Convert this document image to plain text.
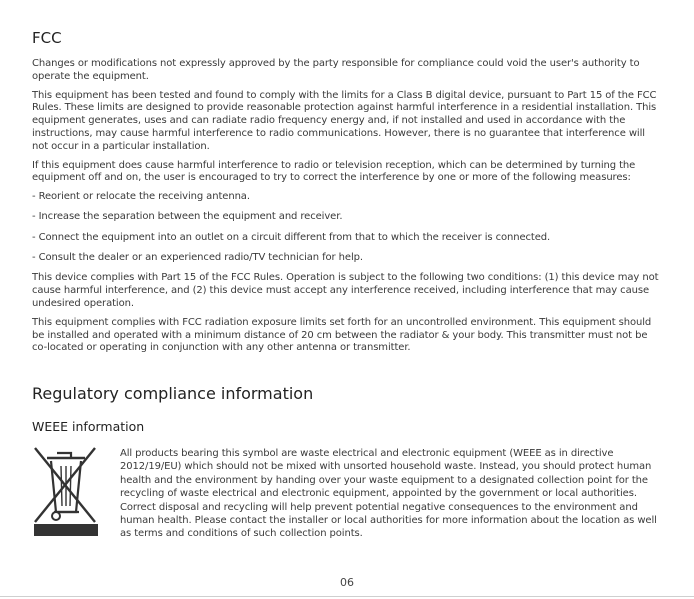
FCC

Changes or modifications not expressly approved by the party responsible for compliance could void the user's authority to operate the equipment.

This equipment has been tested and found to comply with the limits for a Class B digital device, pursuant to Part 15 of the FCC Rules. These limits are designed to provide reasonable protection against harmful interference in a residential installation. This equipment generates, uses and can radiate radio frequency energy and, if not installed and used in accordance with the instructions, may cause harmful interference to radio communications. However, there is no guarantee that interference will not occur in a particular installation.

If this equipment does cause harmful interference to radio or television reception, which can be determined by turning the equipment off and on, the user is encouraged to try to correct the interference by one or more of the following measures:

- Reorient or relocate the receiving antenna.

- Increase the separation between the equipment and receiver.

- Connect the equipment into an outlet on a circuit different from that to which the receiver is connected.

- Consult the dealer or an experienced radio/TV technician for help.

This device complies with Part 15 of the FCC Rules. Operation is subject to the following two conditions: (1) this device may not cause harmful interference, and (2) this device must accept any interference received, including interference that may cause undesired operation.

This equipment complies with FCC radiation exposure limits set forth for an uncontrolled environment. This equipment should be installed and operated with a minimum distance of 20 cm between the radiator & your body. This transmitter must not be co-located or operating in conjunction with any other antenna or transmitter.

Regulatory compliance information
WEEE information

All products bearing this symbol are waste electrical and electronic equipment (WEEE as in directive 2012/19/EU) which should not be mixed with unsorted household waste. Instead, you should protect human health and the environment by handing over your waste equipment to a designated collection point for the recycling of waste electrical and electronic equipment, appointed by the government or local authorities. Correct disposal and recycling will help prevent potential negative consequences to the environment and human health. Please contact the installer or local authorities for more information about the location as well as terms and conditions of such collection points.

06
